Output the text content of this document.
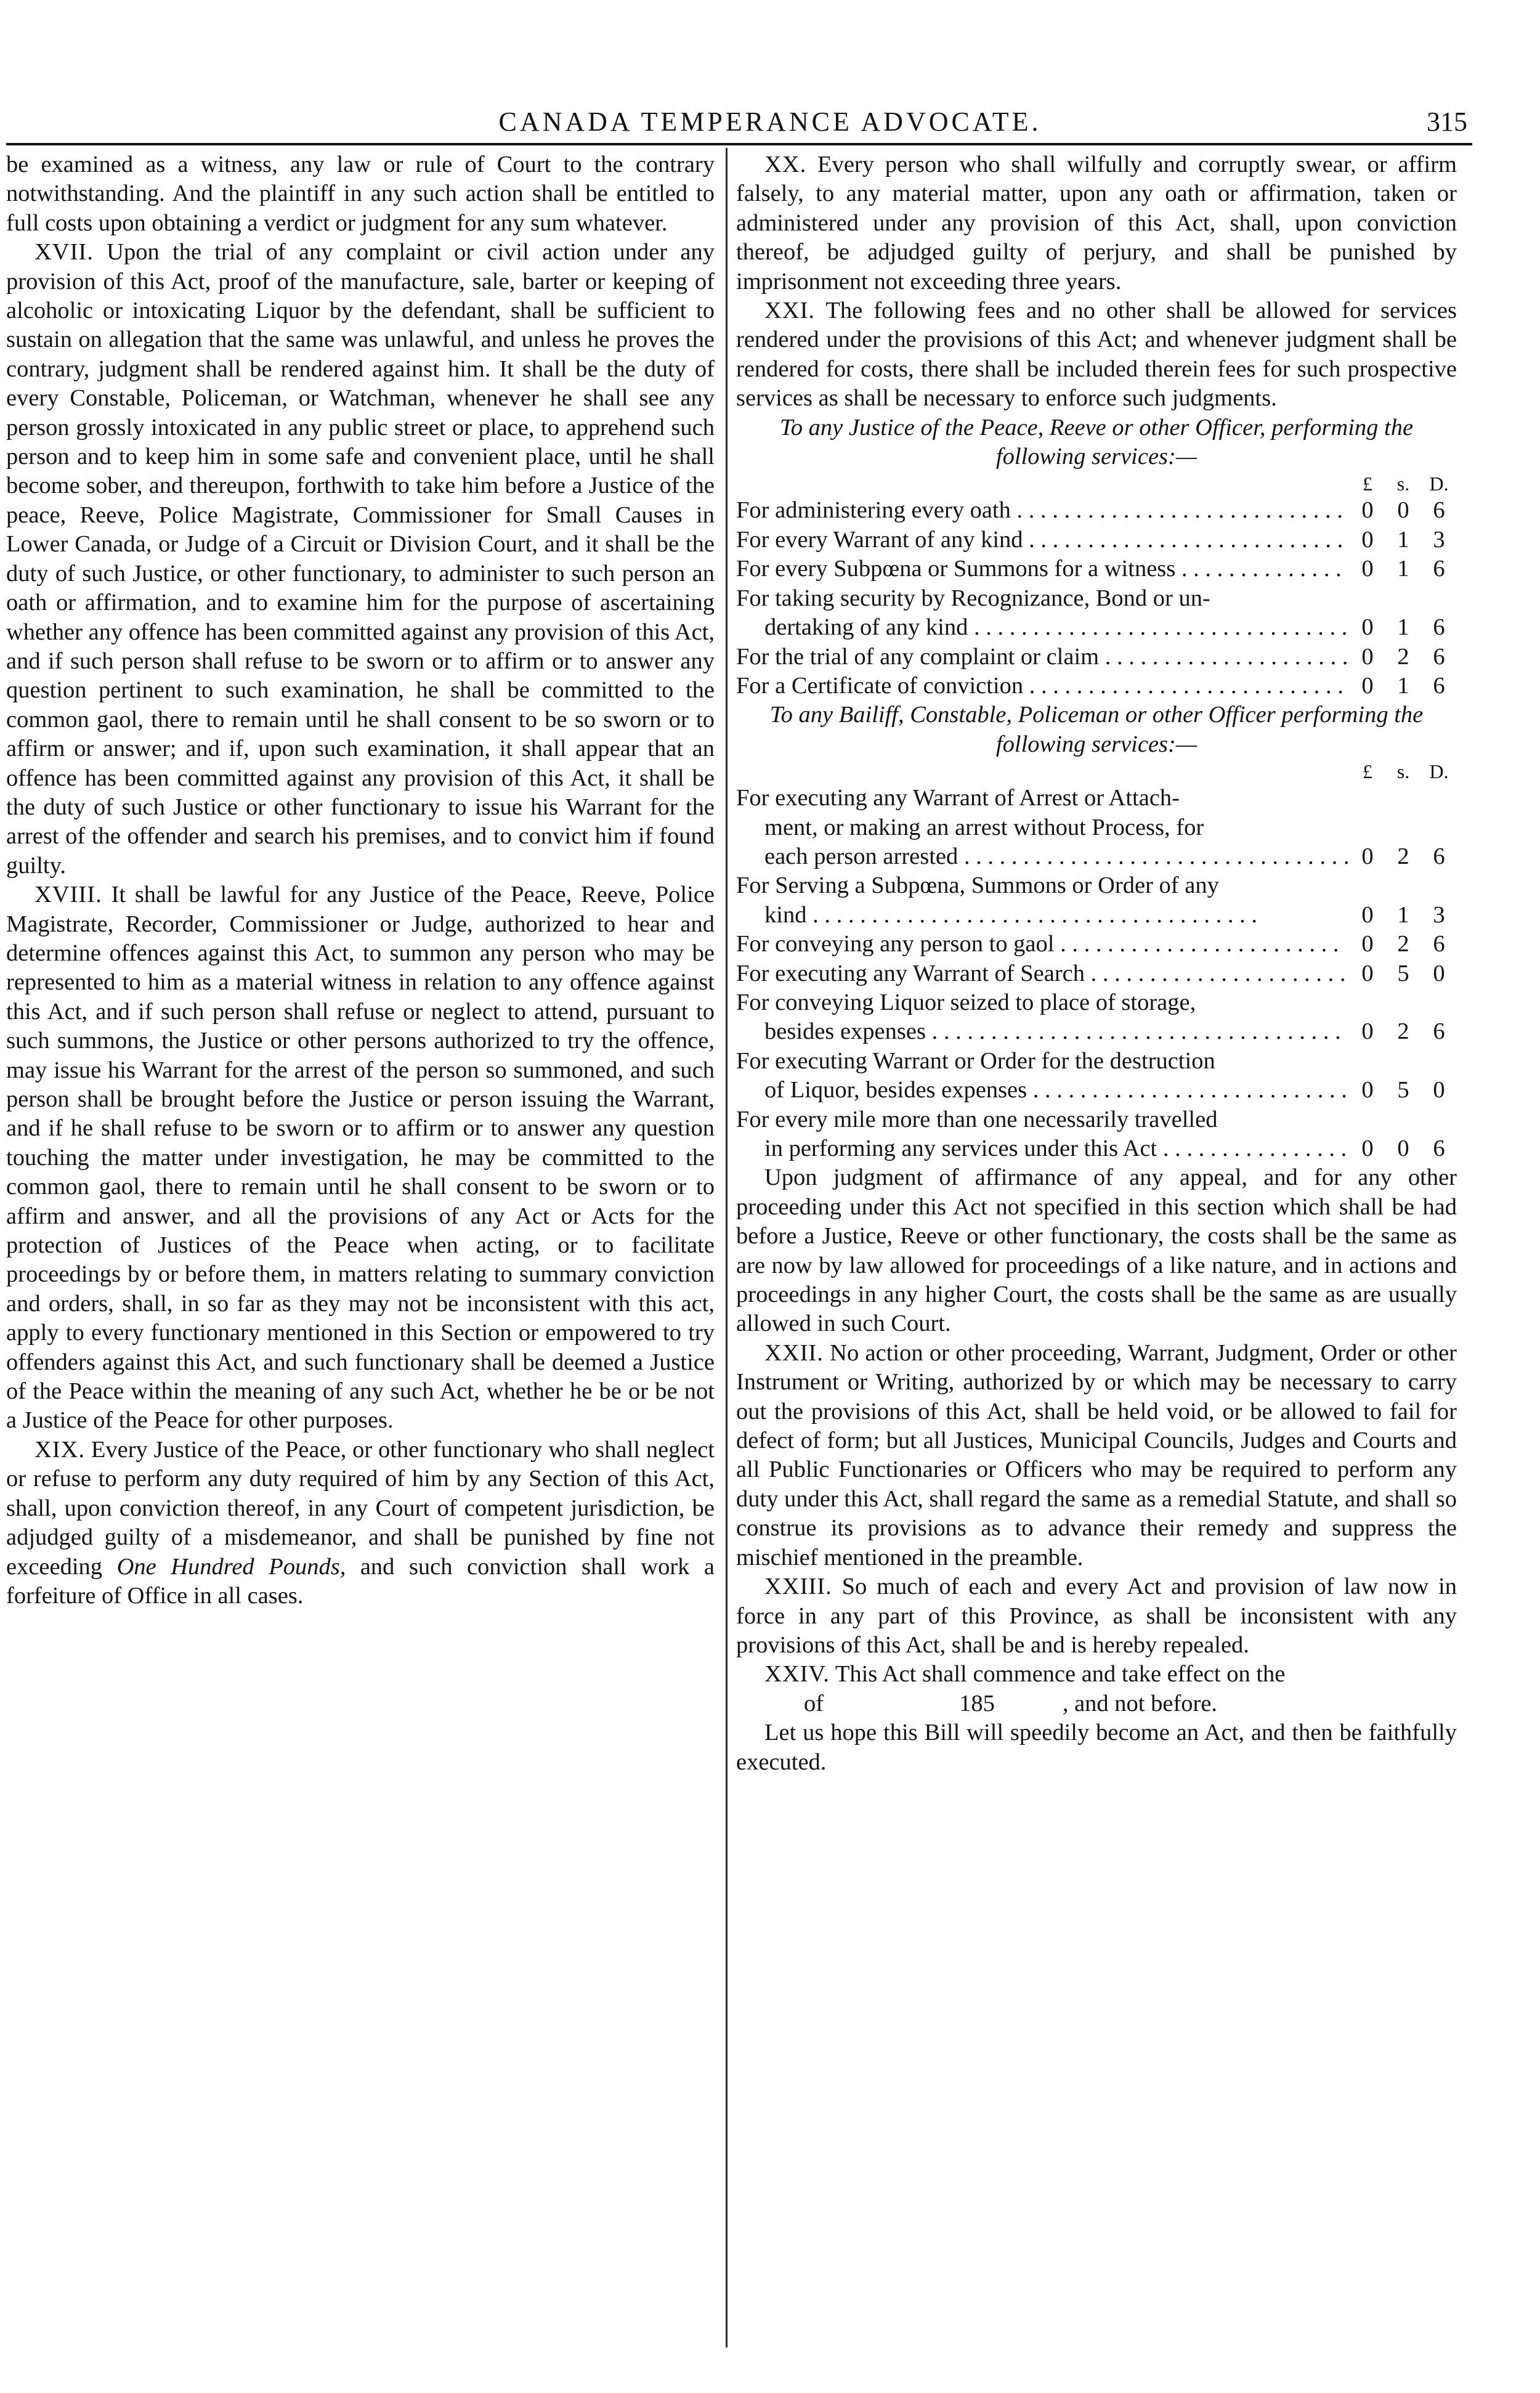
CANADA TEMPERANCE ADVOCATE.	315

be examined as a witness, any law or rule of Court to the contrary notwithstanding. And the plaintiff in any such action shall be entitled to full costs upon obtaining a verdict or judgment for any sum whatever.

XVII. Upon the trial of any complaint or civil action under any provision of this Act, proof of the manufacture, sale, barter or keeping of alcoholic or intoxicating Liquor by the defendant, shall be sufficient to sustain on allegation that the same was unlawful, and unless he proves the contrary, judgment shall be rendered against him. It shall be the duty of every Constable, Policeman, or Watchman, whenever he shall see any person grossly intoxicated in any public street or place, to apprehend such person and to keep him in some safe and convenient place, until he shall become sober, and thereupon, forthwith to take him before a Justice of the peace, Reeve, Police Magistrate, Commissioner for Small Causes in Lower Canada, or Judge of a Circuit or Division Court, and it shall be the duty of such Justice, or other functionary, to administer to such person an oath or affirmation, and to examine him for the purpose of ascertaining whether any offence has been committed against any provision of this Act, and if such person shall refuse to be sworn or to affirm or to answer any question pertinent to such examination, he shall be committed to the common gaol, there to remain until he shall consent to be so sworn or to affirm or answer; and if, upon such examination, it shall appear that an offence has been committed against any provision of this Act, it shall be the duty of such Justice or other functionary to issue his Warrant for the arrest of the offender and search his premises, and to convict him if found guilty.

XVIII. It shall be lawful for any Justice of the Peace, Reeve, Police Magistrate, Recorder, Commissioner or Judge, authorized to hear and determine offences against this Act, to summon any person who may be represented to him as a material witness in relation to any offence against this Act, and if such person shall refuse or neglect to attend, pursuant to such summons, the Justice or other persons authorized to try the offence, may issue his Warrant for the arrest of the person so summoned, and such person shall be brought before the Justice or person issuing the Warrant, and if he shall refuse to be sworn or to affirm or to answer any question touching the matter under investigation, he may be committed to the common gaol, there to remain until he shall consent to be sworn or to affirm and answer, and all the provisions of any Act or Acts for the protection of Justices of the Peace when acting, or to facilitate proceedings by or before them, in matters relating to summary conviction and orders, shall, in so far as they may not be inconsistent with this act, apply to every functionary mentioned in this Section or empowered to try offenders against this Act, and such functionary shall be deemed a Justice of the Peace within the meaning of any such Act, whether he be or be not a Justice of the Peace for other purposes.

XIX. Every Justice of the Peace, or other functionary who shall neglect or refuse to perform any duty required of him by any Section of this Act, shall, upon conviction thereof, in any Court of competent jurisdiction, be adjudged guilty of a misdemeanor, and shall be punished by fine not exceeding One Hundred Pounds, and such conviction shall work a forfeiture of Office in all cases.

XX. Every person who shall wilfully and corruptly swear, or affirm falsely, to any material matter, upon any oath or affirmation, taken or administered under any provision of this Act, shall, upon conviction thereof, be adjudged guilty of perjury, and shall be punished by imprisonment not exceeding three years.

XXI. The following fees and no other shall be allowed for services rendered under the provisions of this Act; and whenever judgment shall be rendered for costs, there shall be included therein fees for such prospective services as shall be necessary to enforce such judgments.

To any Justice of the Peace, Reeve or other Officer, performing the following services:—

	£	s.	D.

For administering every oath . . . . . . . . . . . . . . . . . . . . . . . . . . . .	0	0	6

For every Warrant of any kind . . . . . . . . . . . . . . . . . . . . . . . . . . .	0	1	3

For every Subpœna or Summons for a witness . . . . . . . . . . . . . .	0	1	6

For taking security by Recognizance, Bond or un-
dertaking of any kind . . . . . . . . . . . . . . . . . . . . . . . . . . . . . . . .	0	1	6

For the trial of any complaint or claim . . . . . . . . . . . . . . . . . . . . .	0	2	6

For a Certificate of conviction . . . . . . . . . . . . . . . . . . . . . . . . . . .	0	1	6

To any Bailiff, Constable, Policeman or other Officer performing the following services:—

	£	s.	D.

For executing any Warrant of Arrest or Attach-
ment, or making an arrest without Process, for
each person arrested . . . . . . . . . . . . . . . . . . . . . . . . . . . . . . . . .	0	2	6

For Serving a Subpœna, Summons or Order of any
kind . . . . . . . . . . . . . . . . . . . . . . . . . . . . . . . . . . . . . .	0	1	3

For conveying any person to gaol . . . . . . . . . . . . . . . . . . . . . . . .	0	2	6

For executing any Warrant of Search . . . . . . . . . . . . . . . . . . . . . .	0	5	0

For conveying Liquor seized to place of storage,
besides expenses . . . . . . . . . . . . . . . . . . . . . . . . . . . . . . . . . . .	0	2	6

For executing Warrant or Order for the destruction
of Liquor, besides expenses . . . . . . . . . . . . . . . . . . . . . . . . . . .	0	5	0

For every mile more than one necessarily travelled
in performing any services under this Act . . . . . . . . . . . . . . . .	0	0	6

Upon judgment of affirmance of any appeal, and for any other proceeding under this Act not specified in this section which shall be had before a Justice, Reeve or other functionary, the costs shall be the same as are now by law allowed for proceedings of a like nature, and in actions and proceedings in any higher Court, the costs shall be the same as are usually allowed in such Court.

XXII. No action or other proceeding, Warrant, Judgment, Order or other Instrument or Writing, authorized by or which may be necessary to carry out the provisions of this Act, shall be held void, or be allowed to fail for defect of form; but all Justices, Municipal Councils, Judges and Courts and all Public Functionaries or Officers who may be required to perform any duty under this Act, shall regard the same as a remedial Statute, and shall so construe its provisions as to advance their remedy and suppress the mischief mentioned in the preamble.

XXIII. So much of each and every Act and provision of law now in force in any part of this Province, as shall be inconsistent with any provisions of this Act, shall be and is hereby repealed.

XXIV. This Act shall commence and take effect on the
of	185	, and not before.

Let us hope this Bill will speedily become an Act, and then be faithfully executed.
